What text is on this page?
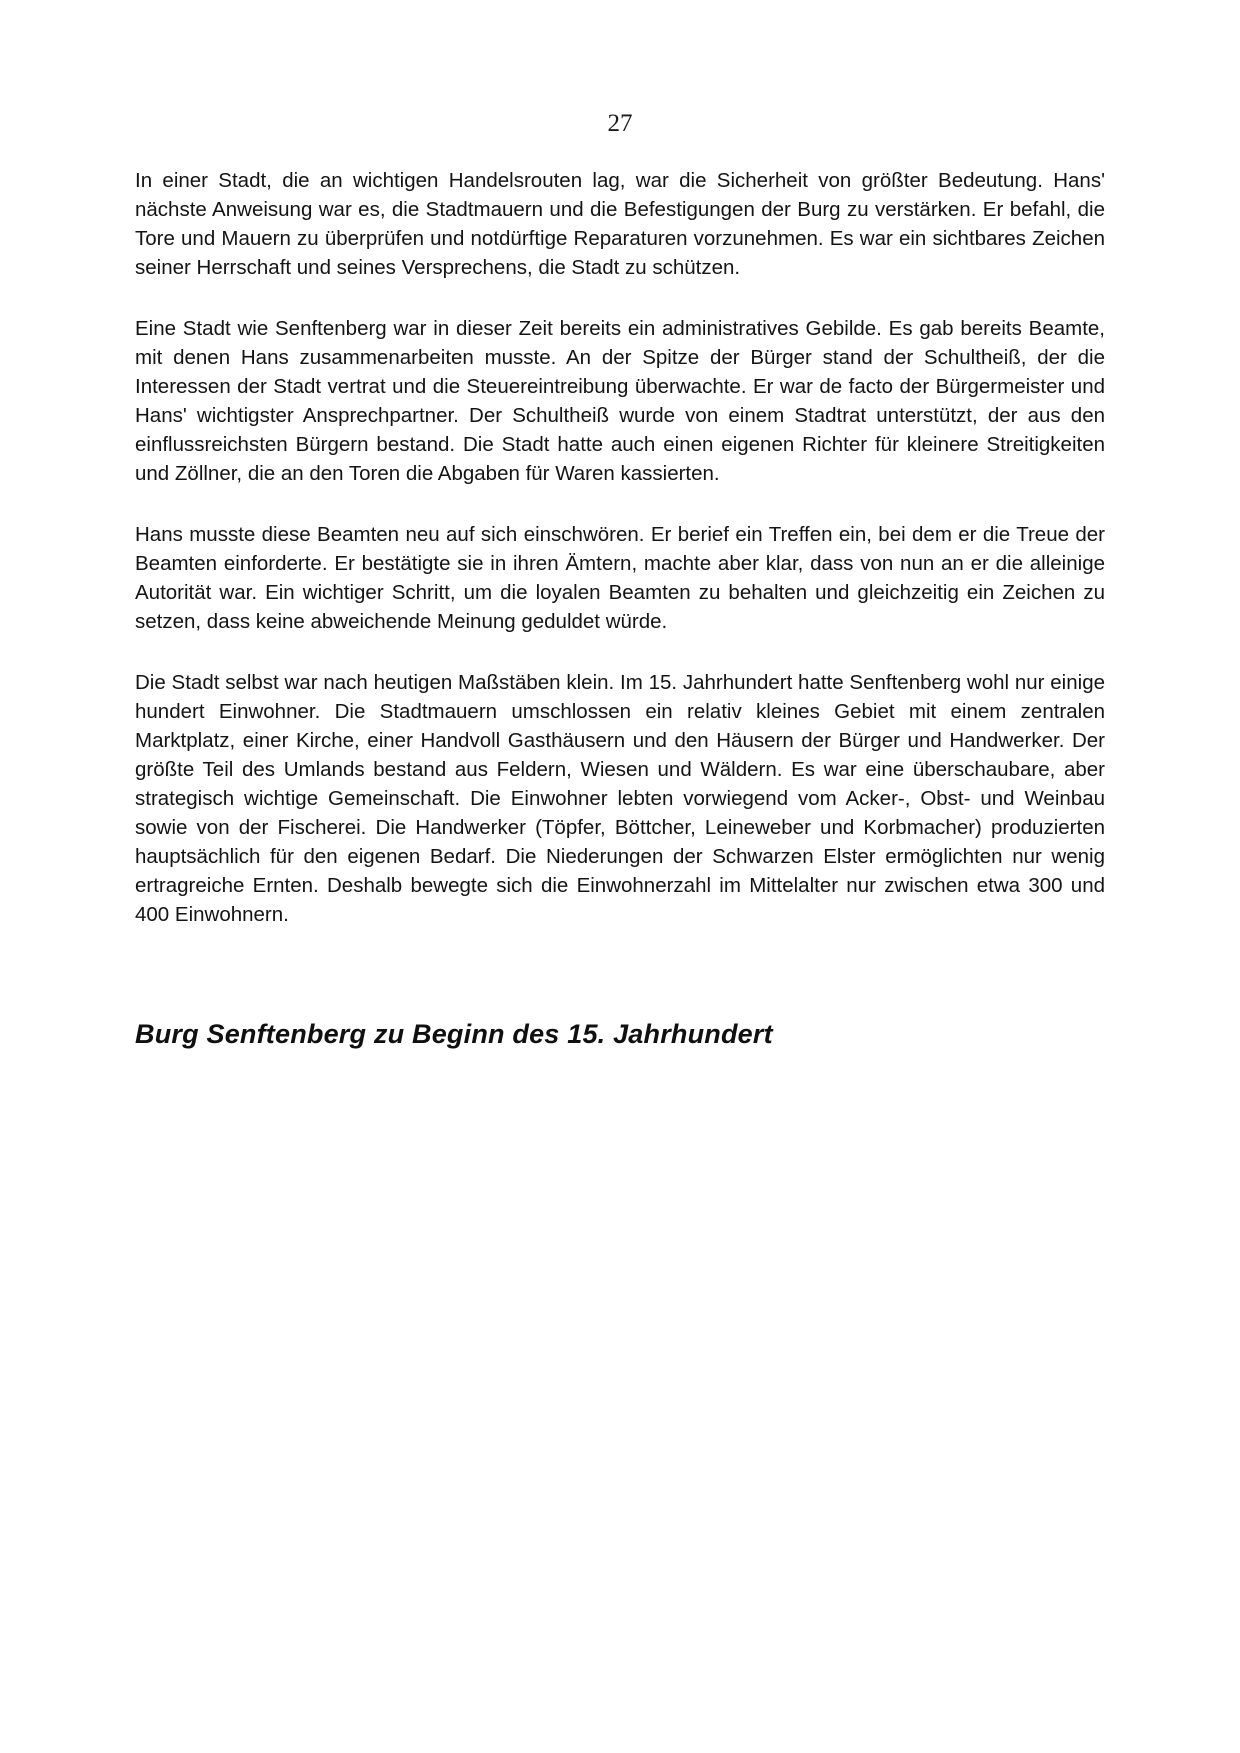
27

In einer Stadt, die an wichtigen Handelsrouten lag, war die Sicherheit von größter Bedeutung. Hans' nächste Anweisung war es, die Stadtmauern und die Befestigungen der Burg zu verstärken. Er befahl, die Tore und Mauern zu überprüfen und notdürftige Reparaturen vorzunehmen. Es war ein sichtbares Zeichen seiner Herrschaft und seines Versprechens, die Stadt zu schützen.

Eine Stadt wie Senftenberg war in dieser Zeit bereits ein administratives Gebilde. Es gab bereits Beamte, mit denen Hans zusammenarbeiten musste. An der Spitze der Bürger stand der Schultheiß, der die Interessen der Stadt vertrat und die Steuereintreibung überwachte. Er war de facto der Bürgermeister und Hans' wichtigster Ansprechpartner. Der Schultheiß wurde von einem Stadtrat unterstützt, der aus den einflussreichsten Bürgern bestand. Die Stadt hatte auch einen eigenen Richter für kleinere Streitigkeiten und Zöllner, die an den Toren die Abgaben für Waren kassierten.

Hans musste diese Beamten neu auf sich einschwören. Er berief ein Treffen ein, bei dem er die Treue der Beamten einforderte. Er bestätigte sie in ihren Ämtern, machte aber klar, dass von nun an er die alleinige Autorität war. Ein wichtiger Schritt, um die loyalen Beamten zu behalten und gleichzeitig ein Zeichen zu setzen, dass keine abweichende Meinung geduldet würde.

Die Stadt selbst war nach heutigen Maßstäben klein. Im 15. Jahrhundert hatte Senftenberg wohl nur einige hundert Einwohner. Die Stadtmauern umschlossen ein relativ kleines Gebiet mit einem zentralen Marktplatz, einer Kirche, einer Handvoll Gasthäusern und den Häusern der Bürger und Handwerker. Der größte Teil des Umlands bestand aus Feldern, Wiesen und Wäldern. Es war eine überschaubare, aber strategisch wichtige Gemeinschaft. Die Einwohner lebten vorwiegend vom Acker-, Obst- und Weinbau sowie von der Fischerei. Die Handwerker (Töpfer, Böttcher, Leineweber und Korbmacher) produzierten hauptsächlich für den eigenen Bedarf. Die Niederungen der Schwarzen Elster ermöglichten nur wenig ertragreiche Ernten. Deshalb bewegte sich die Einwohnerzahl im Mittelalter nur zwischen etwa 300 und 400 Einwohnern.

Burg Senftenberg zu Beginn des 15. Jahrhundert
